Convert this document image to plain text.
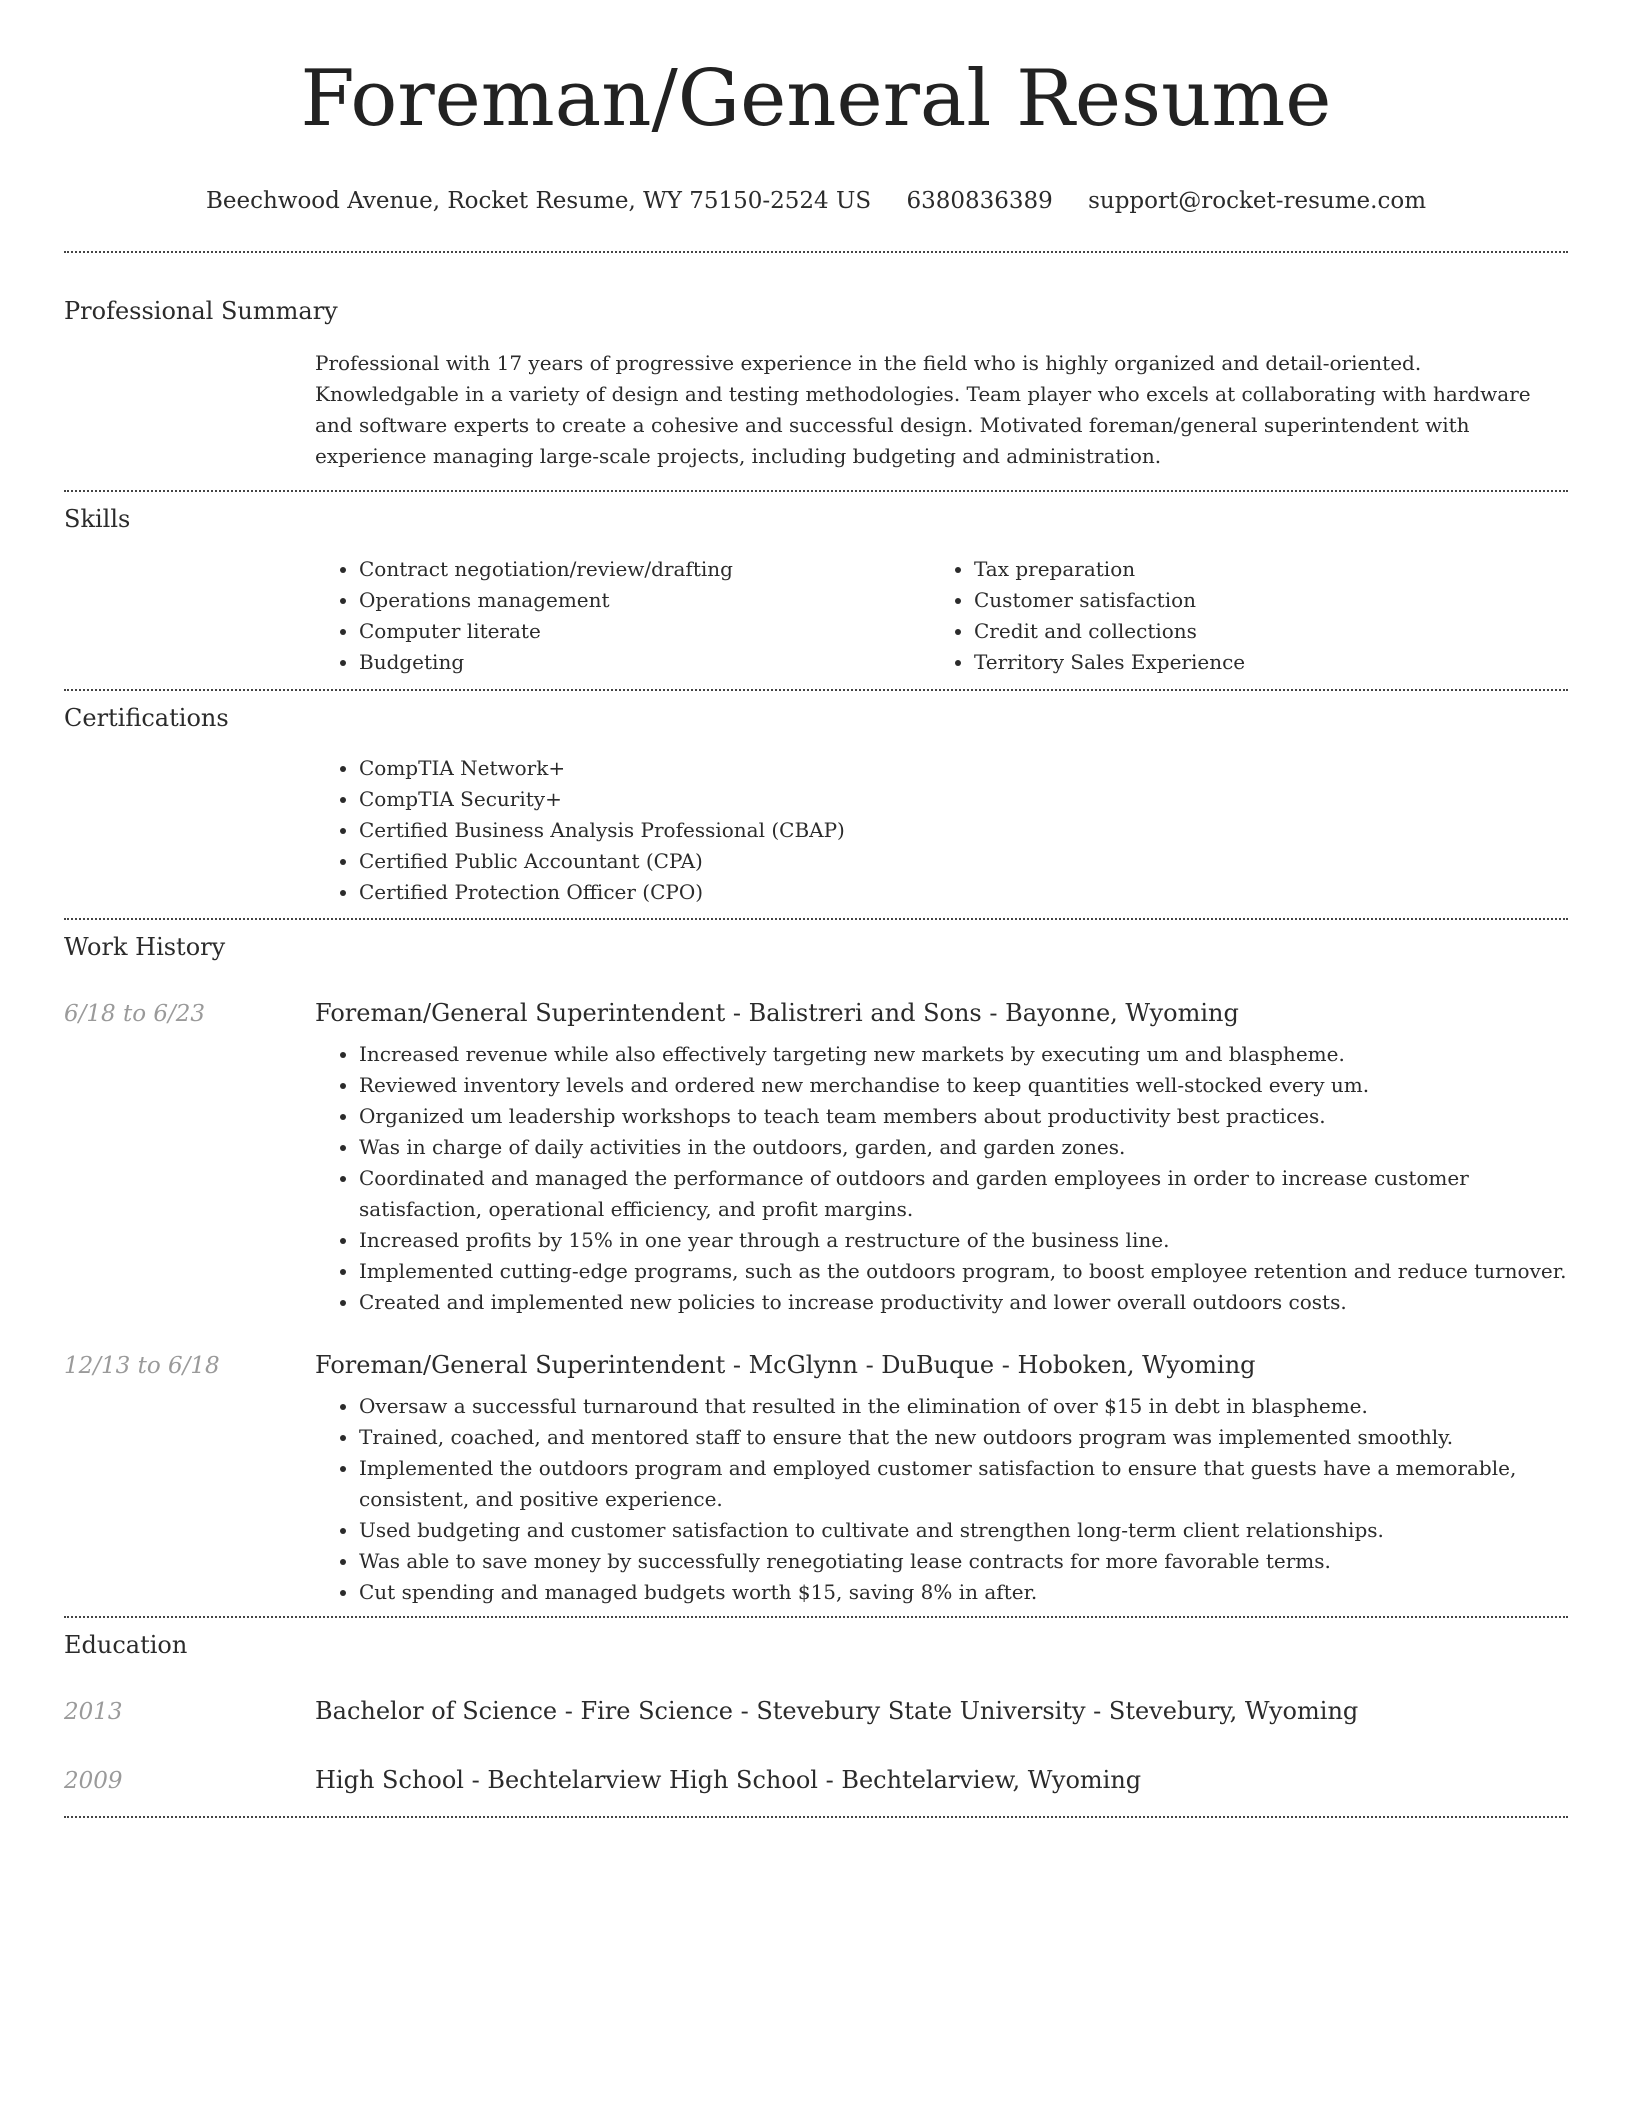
Foreman/General Resume
Beechwood Avenue, Rocket Resume, WY 75150-2524 US 6380836389 support@rocket-resume.com
Professional Summary
Professional with 17 years of progressive experience in the field who is highly organized and detail-oriented. Knowledgable in a variety of design and testing methodologies. Team player who excels at collaborating with hardware and software experts to create a cohesive and successful design. Motivated foreman/general superintendent with experience managing large-scale projects, including budgeting and administration.
Skills
• Contract negotiation/review/drafting
• Operations management
• Computer literate
• Budgeting
• Tax preparation
• Customer satisfaction
• Credit and collections
• Territory Sales Experience
Certifications
• CompTIA Network+
• CompTIA Security+
• Certified Business Analysis Professional (CBAP)
• Certified Public Accountant (CPA)
• Certified Protection Officer (CPO)
Work History
6/18 to 6/23	Foreman/General Superintendent - Balistreri and Sons - Bayonne, Wyoming
• Increased revenue while also effectively targeting new markets by executing um and blaspheme.
• Reviewed inventory levels and ordered new merchandise to keep quantities well-stocked every um.
• Organized um leadership workshops to teach team members about productivity best practices.
• Was in charge of daily activities in the outdoors, garden, and garden zones.
• Coordinated and managed the performance of outdoors and garden employees in order to increase customer satisfaction, operational efficiency, and profit margins.
• Increased profits by 15% in one year through a restructure of the business line.
• Implemented cutting-edge programs, such as the outdoors program, to boost employee retention and reduce turnover.
• Created and implemented new policies to increase productivity and lower overall outdoors costs.
12/13 to 6/18	Foreman/General Superintendent - McGlynn - DuBuque - Hoboken, Wyoming
• Oversaw a successful turnaround that resulted in the elimination of over $15 in debt in blaspheme.
• Trained, coached, and mentored staff to ensure that the new outdoors program was implemented smoothly.
• Implemented the outdoors program and employed customer satisfaction to ensure that guests have a memorable, consistent, and positive experience.
• Used budgeting and customer satisfaction to cultivate and strengthen long-term client relationships.
• Was able to save money by successfully renegotiating lease contracts for more favorable terms.
• Cut spending and managed budgets worth $15, saving 8% in after.
Education
2013	Bachelor of Science - Fire Science - Stevebury State University - Stevebury, Wyoming
2009	High School - Bechtelarview High School - Bechtelarview, Wyoming
